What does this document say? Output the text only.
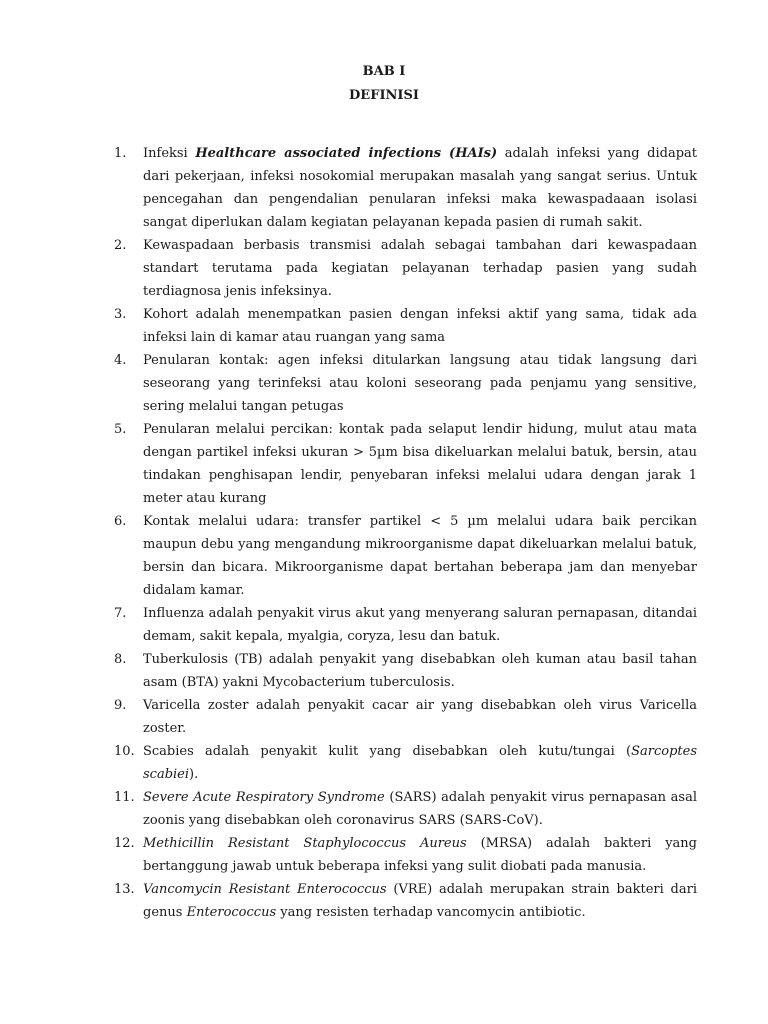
BAB I

DEFINISI

1. Infeksi Healthcare associated infections (HAIs) adalah infeksi yang didapat dari pekerjaan, infeksi nosokomial merupakan masalah yang sangat serius. Untuk pencegahan dan pengendalian penularan infeksi maka kewaspadaaan isolasi sangat diperlukan dalam kegiatan pelayanan kepada pasien di rumah sakit.
2. Kewaspadaan berbasis transmisi adalah sebagai tambahan dari kewaspadaan standart terutama pada kegiatan pelayanan terhadap pasien yang sudah terdiagnosa jenis infeksinya.
3. Kohort adalah menempatkan pasien dengan infeksi aktif yang sama, tidak ada infeksi lain di kamar atau ruangan yang sama
4. Penularan kontak: agen infeksi ditularkan langsung atau tidak langsung dari seseorang yang terinfeksi atau koloni seseorang pada penjamu yang sensitive, sering melalui tangan petugas
5. Penularan melalui percikan: kontak pada selaput lendir hidung, mulut atau mata dengan partikel infeksi ukuran > 5µm bisa dikeluarkan melalui batuk, bersin, atau tindakan penghisapan lendir, penyebaran infeksi melalui udara dengan jarak 1 meter atau kurang
6. Kontak melalui udara: transfer partikel < 5 µm melalui udara baik percikan maupun debu yang mengandung mikroorganisme dapat dikeluarkan melalui batuk, bersin dan bicara. Mikroorganisme dapat bertahan beberapa jam dan menyebar didalam kamar.
7. Influenza adalah penyakit virus akut yang menyerang saluran pernapasan, ditandai demam, sakit kepala, myalgia, coryza, lesu dan batuk.
8. Tuberkulosis (TB) adalah penyakit yang disebabkan oleh kuman atau basil tahan asam (BTA) yakni Mycobacterium tuberculosis.
9. Varicella zoster adalah penyakit cacar air yang disebabkan oleh virus Varicella zoster.
10. Scabies adalah penyakit kulit yang disebabkan oleh kutu/tungai (Sarcoptes scabiei).
11. Severe Acute Respiratory Syndrome (SARS) adalah penyakit virus pernapasan asal zoonis yang disebabkan oleh coronavirus SARS (SARS-CoV).
12. Methicillin Resistant Staphylococcus Aureus (MRSA) adalah bakteri yang bertanggung jawab untuk beberapa infeksi yang sulit diobati pada manusia.
13. Vancomycin Resistant Enterococcus (VRE) adalah merupakan strain bakteri dari genus Enterococcus yang resisten terhadap vancomycin antibiotic.
